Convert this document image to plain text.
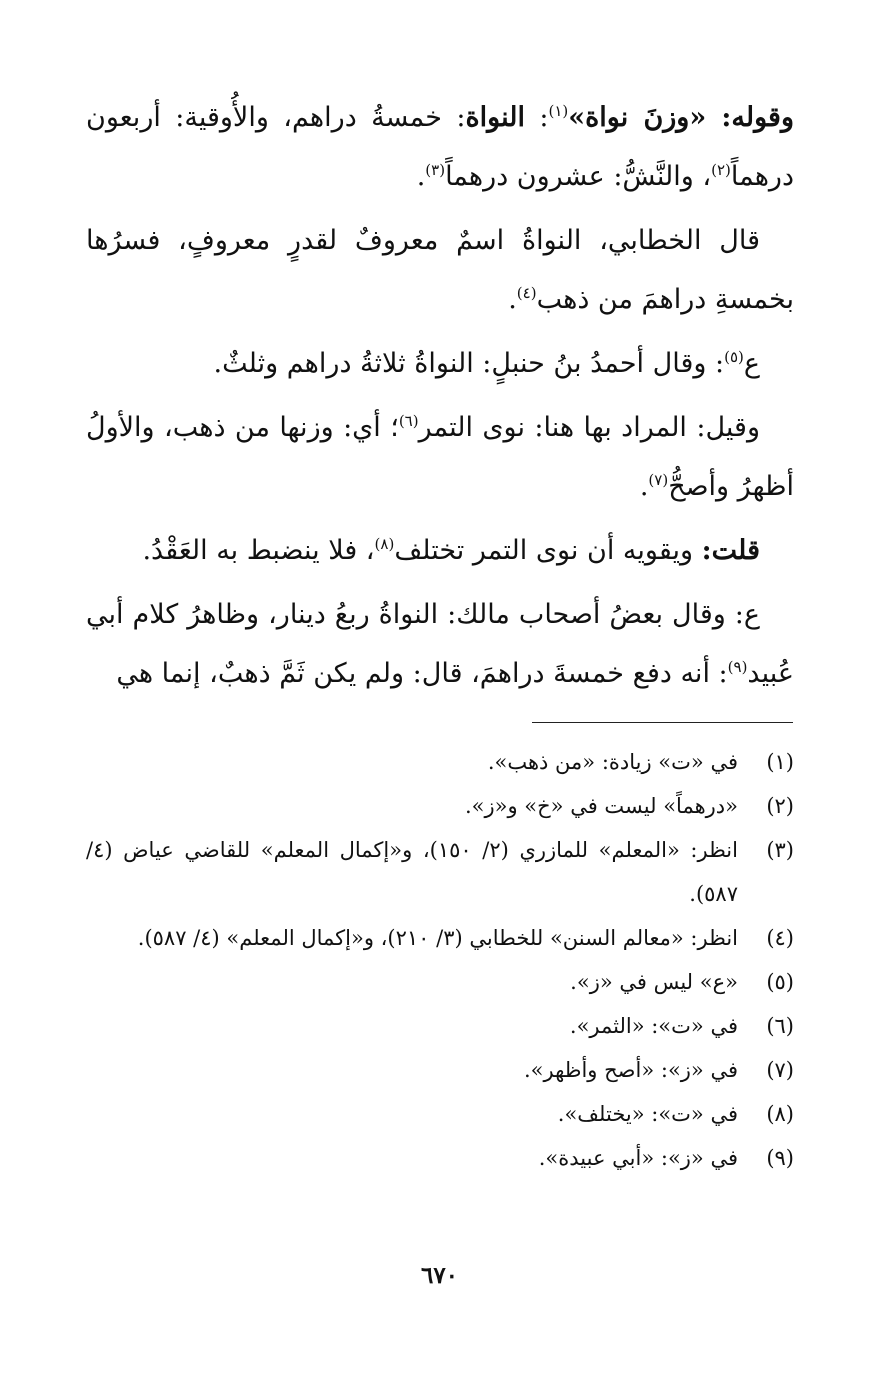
وقوله: «وزنَ نواة»$^{(١)}$: النواة: خمسةُ دراهم، والأُوقية: أربعون درهماً$^{(٢)}$، والنَّشُّ: عشرون درهماً$^{(٣)}$.

قال الخطابي، النواةُ اسمٌ معروفٌ لقدرٍ معروفٍ، فسرُها بخمسةِ دراهمَ من ذهب$^{(٤)}$.

ع$^{(٥)}$: وقال أحمدُ بنُ حنبلٍ: النواةُ ثلاثةُ دراهم وثلثٌ.

وقيل: المراد بها هنا: نوى التمر$^{(٦)}$؛ أي: وزنها من ذهب، والأولُ أظهرُ وأصحُّ$^{(٧)}$.

قلت: ويقويه أن نوى التمر تختلف$^{(٨)}$، فلا ينضبط به العَقْدُ.

ع: وقال بعضُ أصحاب مالك: النواةُ ربعُ دينار، وظاهرُ كلام أبي عُبيد$^{(٩)}$: أنه دفع خمسةَ دراهمَ، قال: ولم يكن ثَمَّ ذهبٌ، إنما هي

(١)
في «ت» زيادة: «من ذهب».
(٢)
«درهماً» ليست في «خ» و«ز».
(٣)
انظر: «المعلم» للمازري (٢/ ١٥٠)، و«إكمال المعلم» للقاضي عياض (٤/ ٥٨٧).
(٤)
انظر: «معالم السنن» للخطابي (٣/ ٢١٠)، و«إكمال المعلم» (٤/ ٥٨٧).
(٥)
«ع» ليس في «ز».
(٦)
في «ت»: «الثمر».
(٧)
في «ز»: «أصح وأظهر».
(٨)
في «ت»: «يختلف».
(٩)
في «ز»: «أبي عبيدة».
٦٧٠
